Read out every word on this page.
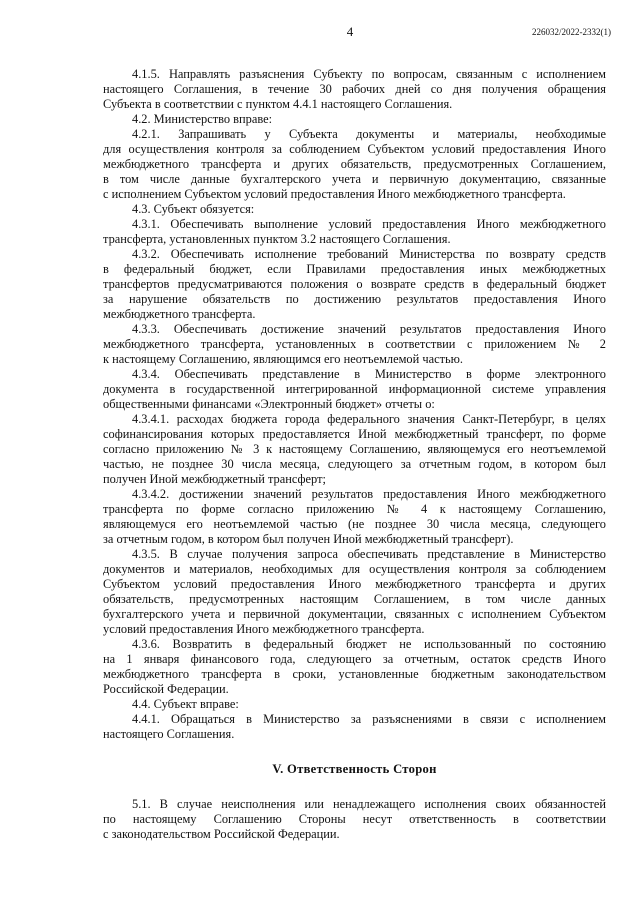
4	226032/2022-2332(1)
4.1.5. Направлять разъяснения Субъекту по вопросам, связанным с исполнением
настоящего Соглашения, в течение 30 рабочих дней со дня получения обращения
Субъекта в соответствии с пунктом 4.4.1 настоящего Соглашения.
4.2. Министерство вправе:
4.2.1. Запрашивать у Субъекта документы и материалы, необходимые
для осуществления контроля за соблюдением Субъектом условий предоставления Иного
межбюджетного трансферта и других обязательств, предусмотренных Соглашением,
в том числе данные бухгалтерского учета и первичную документацию, связанные
с исполнением Субъектом условий предоставления Иного межбюджетного трансферта.
4.3. Субъект обязуется:
4.3.1. Обеспечивать выполнение условий предоставления Иного межбюджетного
трансферта, установленных пунктом 3.2 настоящего Соглашения.
4.3.2. Обеспечивать исполнение требований Министерства по возврату средств
в федеральный бюджет, если Правилами предоставления иных межбюджетных
трансфертов предусматриваются положения о возврате средств в федеральный бюджет
за нарушение обязательств по достижению результатов предоставления Иного
межбюджетного трансферта.
4.3.3. Обеспечивать достижение значений результатов предоставления Иного
межбюджетного трансферта, установленных в соответствии с приложением № 2
к настоящему Соглашению, являющимся его неотъемлемой частью.
4.3.4. Обеспечивать представление в Министерство в форме электронного
документа в государственной интегрированной информационной системе управления
общественными финансами «Электронный бюджет» отчеты о:
4.3.4.1. расходах бюджета города федерального значения Санкт-Петербург, в целях
софинансирования которых предоставляется Иной межбюджетный трансферт, по форме
согласно приложению № 3 к настоящему Соглашению, являющемуся его неотъемлемой
частью, не позднее 30 числа месяца, следующего за отчетным годом, в котором был
получен Иной межбюджетный трансферт;
4.3.4.2. достижении значений результатов предоставления Иного межбюджетного
трансферта по форме согласно приложению № 4 к настоящему Соглашению,
являющемуся его неотъемлемой частью (не позднее 30 числа месяца, следующего
за отчетным годом, в котором был получен Иной межбюджетный трансферт).
4.3.5. В случае получения запроса обеспечивать представление в Министерство
документов и материалов, необходимых для осуществления контроля за соблюдением
Субъектом условий предоставления Иного межбюджетного трансферта и других
обязательств, предусмотренных настоящим Соглашением, в том числе данных
бухгалтерского учета и первичной документации, связанных с исполнением Субъектом
условий предоставления Иного межбюджетного трансферта.
4.3.6. Возвратить в федеральный бюджет не использованный по состоянию
на 1 января финансового года, следующего за отчетным, остаток средств Иного
межбюджетного трансферта в сроки, установленные бюджетным законодательством
Российской Федерации.
4.4. Субъект вправе:
4.4.1. Обращаться в Министерство за разъяснениями в связи с исполнением
настоящего Соглашения.
V. Ответственность Сторон
5.1. В случае неисполнения или ненадлежащего исполнения своих обязанностей
по настоящему Соглашению Стороны несут ответственность в соответствии
с законодательством Российской Федерации.
